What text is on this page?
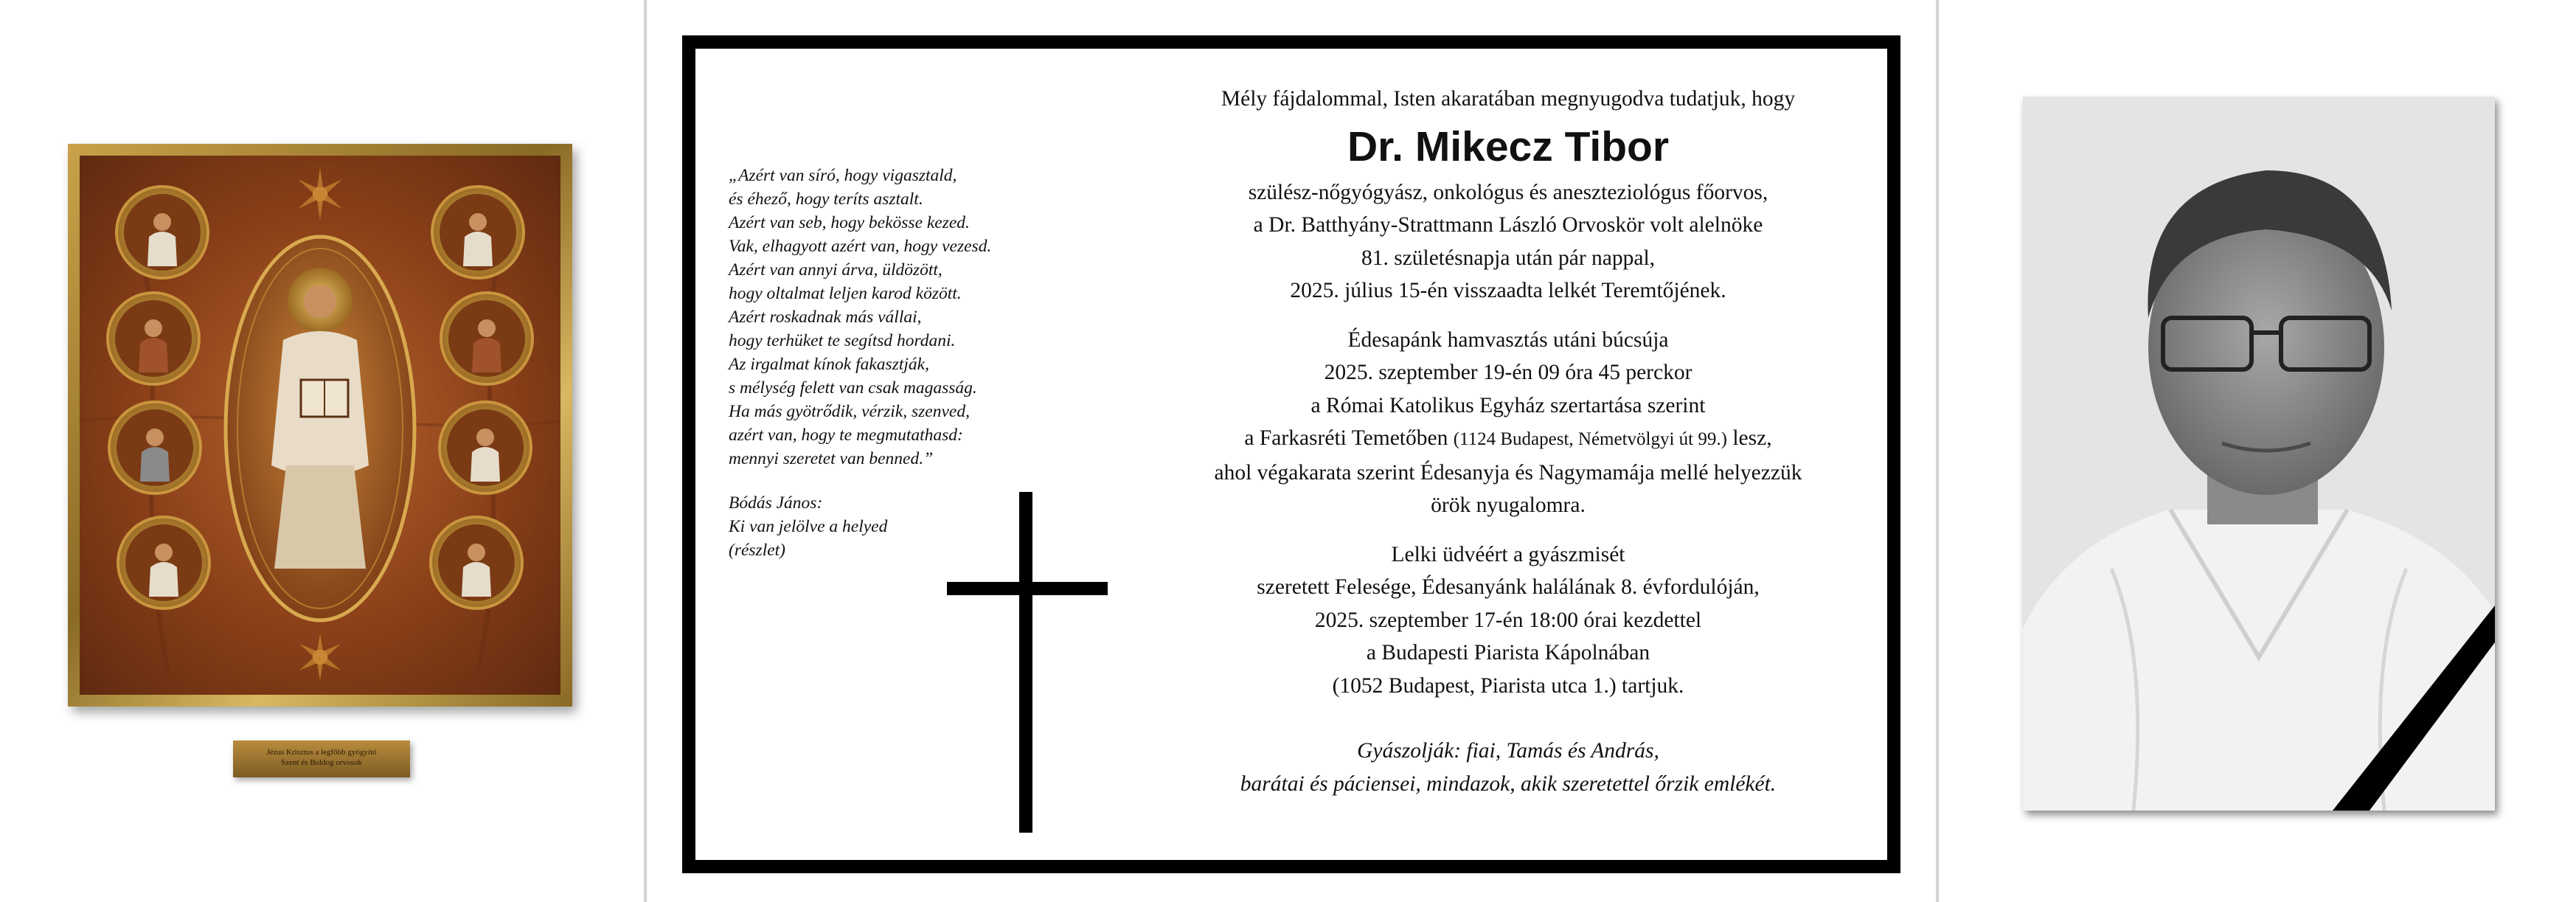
Jézus Krisztus a legfőbb gyógyító
Szent és Boldog orvosok
„Azért van síró, hogy vigasztald,
és éhező, hogy teríts asztalt.
Azért van seb, hogy bekösse kezed.
Vak, elhagyott azért van, hogy vezesd.
Azért van annyi árva, üldözött,
hogy oltalmat leljen karod között.
Azért roskadnak más vállai,
hogy terhüket te segítsd hordani.
Az irgalmat kínok fakasztják,
s mélység felett van csak magasság.
Ha más gyötrődik, vérzik, szenved,
azért van, hogy te megmutathasd:
mennyi szeretet van benned.”
Bódás János:
Ki van jelölve a helyed
(részlet)
Mély fájdalommal, Isten akaratában megnyugodva tudatjuk, hogy
Dr. Mikecz Tibor
szülész-nőgyógyász, onkológus és aneszteziológus főorvos,
a Dr. Batthyány-Strattmann László Orvoskör volt alelnöke
81. születésnapja után pár nappal,
2025. július 15-én visszaadta lelkét Teremtőjének.
Édesapánk hamvasztás utáni búcsúja
2025. szeptember 19-én 09 óra 45 perckor
a Római Katolikus Egyház szertartása szerint
a Farkasréti Temetőben (1124 Budapest, Németvölgyi út 99.) lesz,
ahol végakarata szerint Édesanyja és Nagymamája mellé helyezzük
örök nyugalomra.
Lelki üdvéért a gyászmisét
szeretett Felesége, Édesanyánk halálának 8. évfordulóján,
2025. szeptember 17-én 18:00 órai kezdettel
a Budapesti Piarista Kápolnában
(1052 Budapest, Piarista utca 1.) tartjuk.
Gyászolják: fiai, Tamás és András,
barátai és páciensei, mindazok, akik szeretettel őrzik emlékét.
